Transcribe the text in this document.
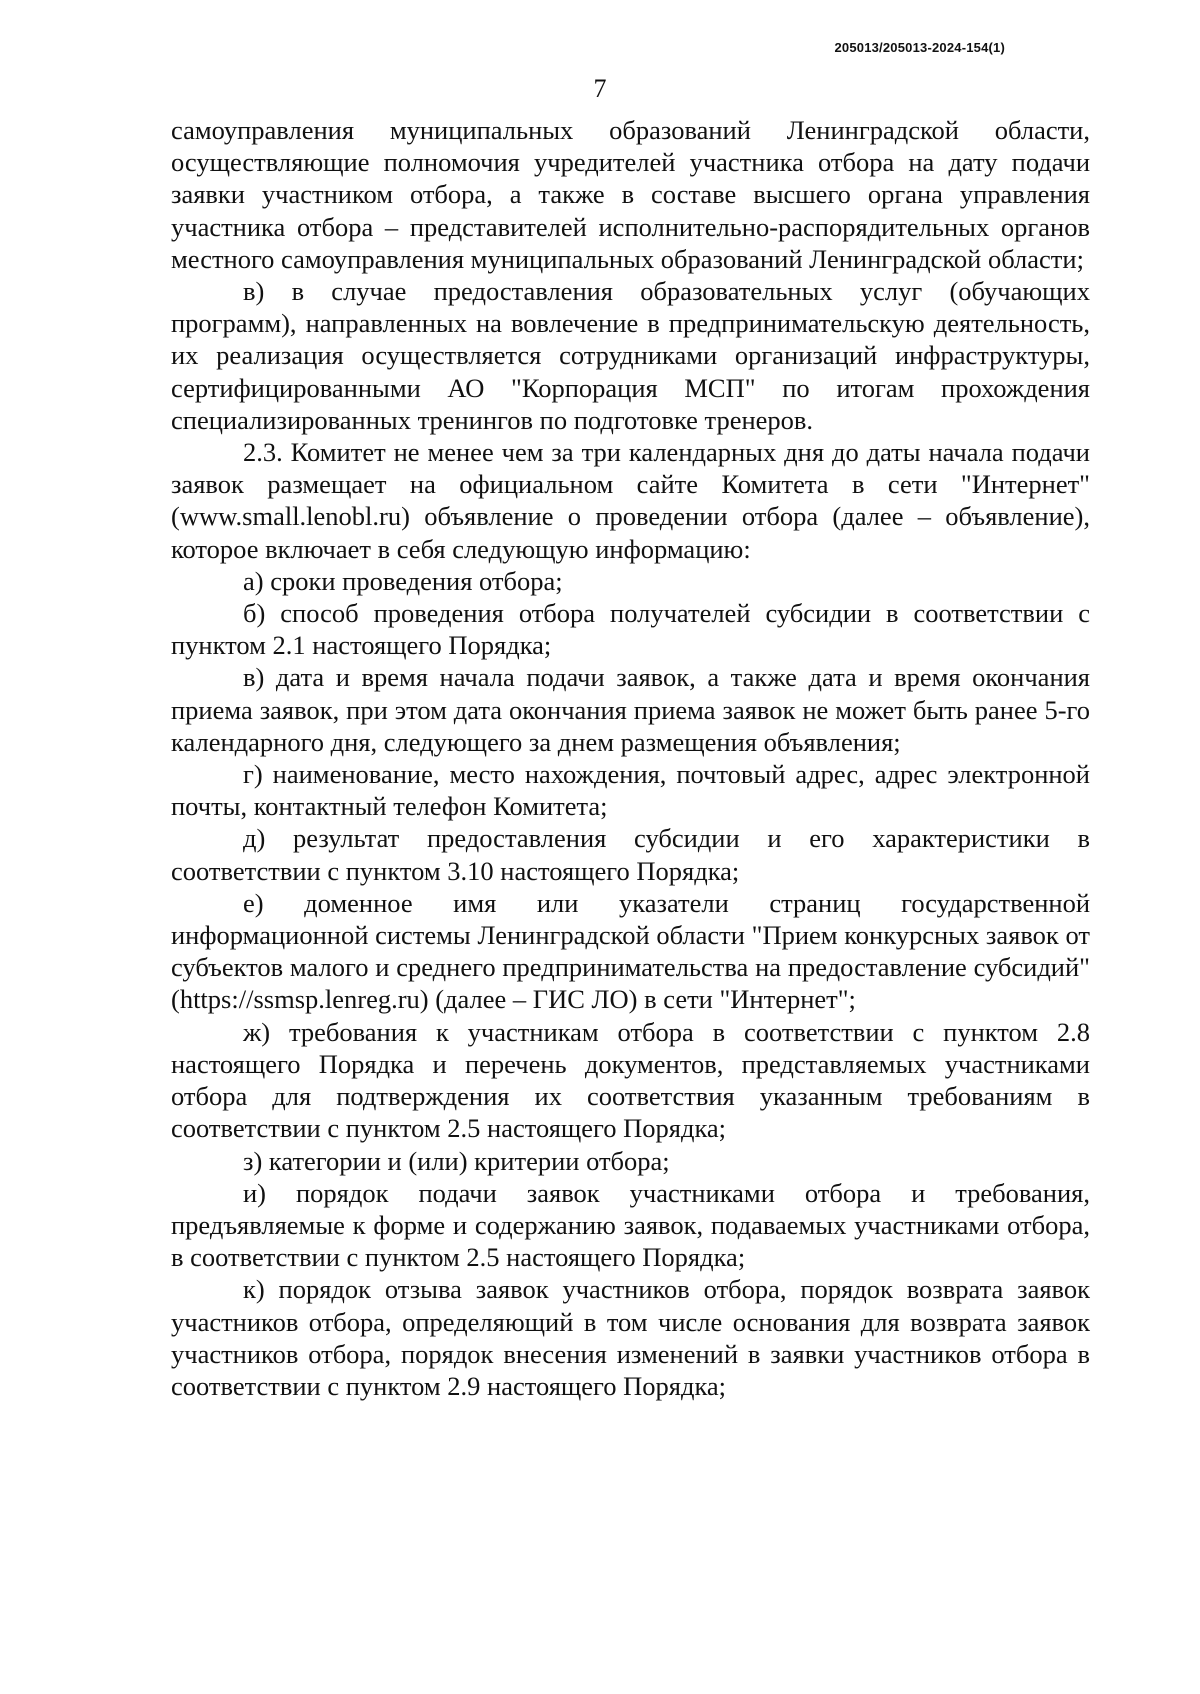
205013/205013-2024-154(1)
7

самоуправления муниципальных образований Ленинградской области, осуществляющие полномочия учредителей участника отбора на дату подачи заявки участником отбора, а также в составе высшего органа управления участника отбора – представителей исполнительно-распорядительных органов местного самоуправления муниципальных образований Ленинградской области;

в) в случае предоставления образовательных услуг (обучающих программ), направленных на вовлечение в предпринимательскую деятельность, их реализация осуществляется сотрудниками организаций инфраструктуры, сертифицированными АО "Корпорация МСП" по итогам прохождения специализированных тренингов по подготовке тренеров.

2.3. Комитет не менее чем за три календарных дня до даты начала подачи заявок размещает на официальном сайте Комитета в сети "Интернет" (www.small.lenobl.ru) объявление о проведении отбора (далее – объявление), которое включает в себя следующую информацию:

а) сроки проведения отбора;

б) способ проведения отбора получателей субсидии в соответствии с пунктом 2.1 настоящего Порядка;

в) дата и время начала подачи заявок, а также дата и время окончания приема заявок, при этом дата окончания приема заявок не может быть ранее 5-го календарного дня, следующего за днем размещения объявления;

г) наименование, место нахождения, почтовый адрес, адрес электронной почты, контактный телефон Комитета;

д) результат предоставления субсидии и его характеристики в соответствии с пунктом 3.10 настоящего Порядка;

е) доменное имя или указатели страниц государственной информационной системы Ленинградской области "Прием конкурсных заявок от субъектов малого и среднего предпринимательства на предоставление субсидий" (https://ssmsp.lenreg.ru) (далее – ГИС ЛО) в сети "Интернет";

ж) требования к участникам отбора в соответствии с пунктом 2.8 настоящего Порядка и перечень документов, представляемых участниками отбора для подтверждения их соответствия указанным требованиям в соответствии с пунктом 2.5 настоящего Порядка;

з) категории и (или) критерии отбора;

и) порядок подачи заявок участниками отбора и требования, предъявляемые к форме и содержанию заявок, подаваемых участниками отбора, в соответствии с пунктом 2.5 настоящего Порядка;

к) порядок отзыва заявок участников отбора, порядок возврата заявок участников отбора, определяющий в том числе основания для возврата заявок участников отбора, порядок внесения изменений в заявки участников отбора в соответствии с пунктом 2.9 настоящего Порядка;
